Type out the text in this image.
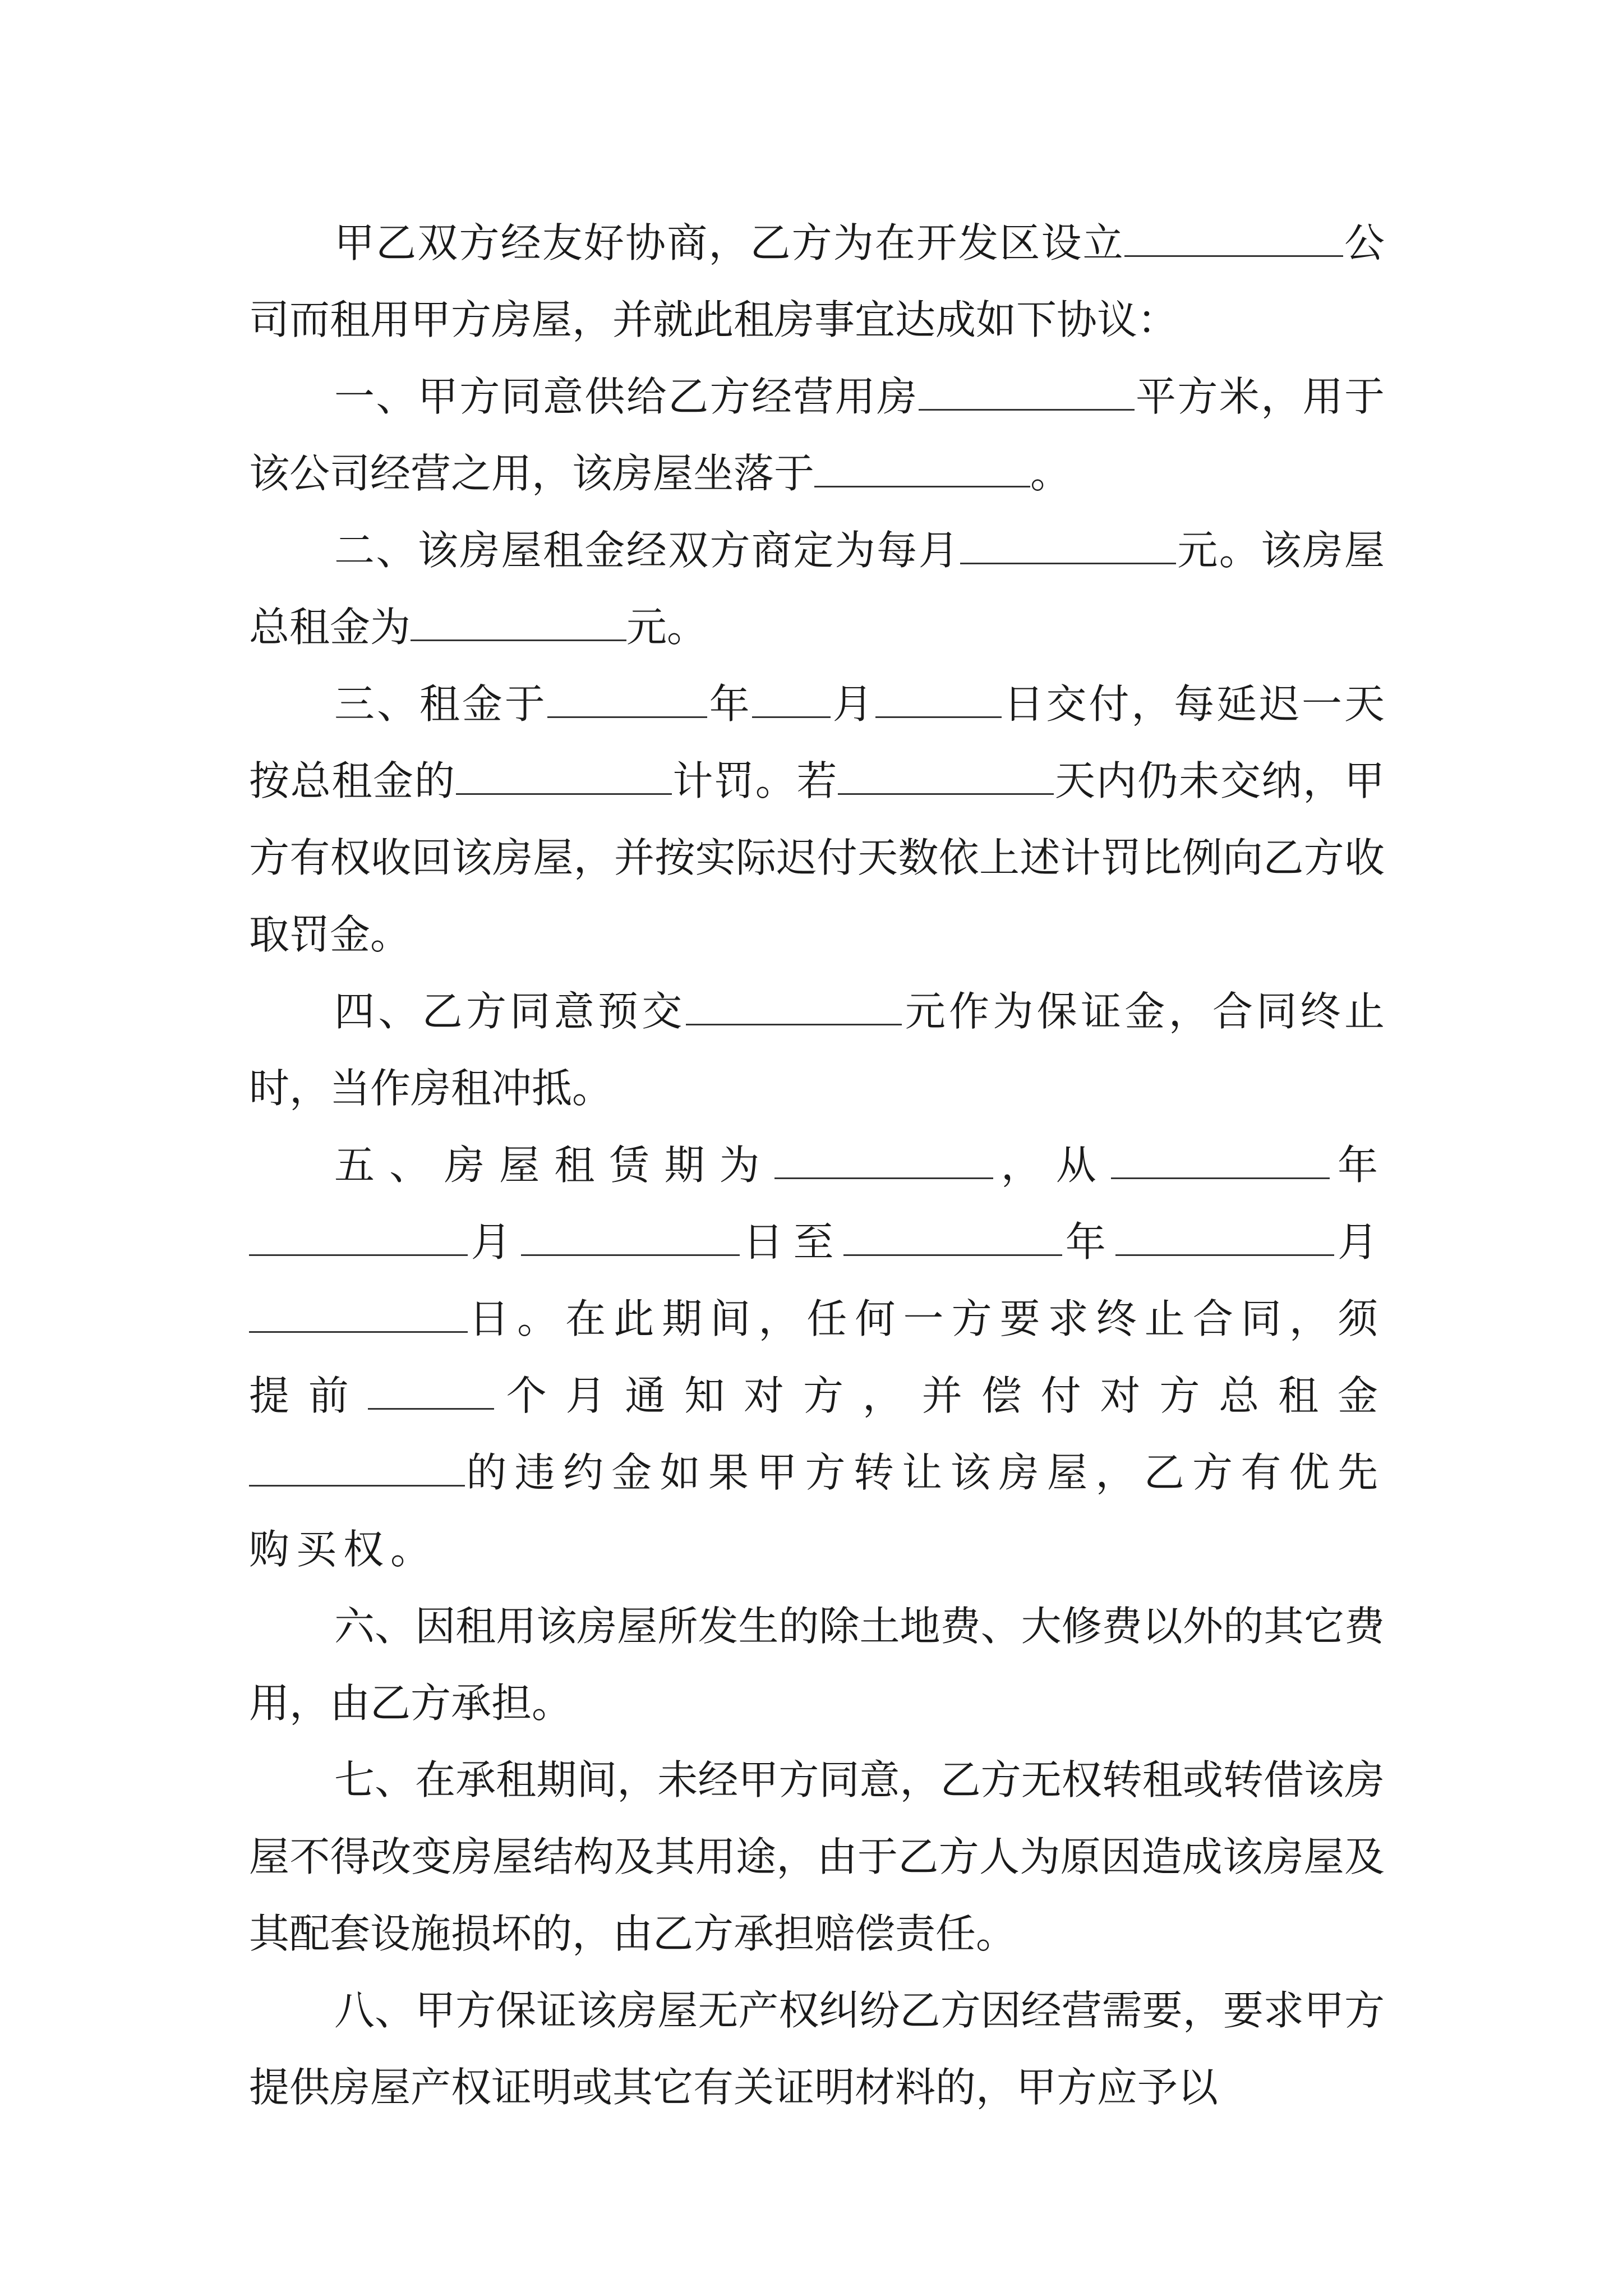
甲乙双方经友好协商，乙方为在开发区设立	公司而租用甲方房屋，并就此租房事宜达成如下协议：

一、甲方同意供给乙方经营用房	平方米，用于该公司经营之用，该房屋坐落于	。

二、该房屋租金经双方商定为每月	元。该房屋总租金为	元。

三、租金于	年 月	日交付，每延迟一天按总租金的	计罚。若	天内仍未交纳，甲方有权收回该房屋，并按实际迟付天数依上述计罚比例向乙方收取罚金。

四、乙方同意预交	元作为保证金，合同终止时，当作房租冲抵。

五、房屋租赁期为	，从	年月	日至	年	月日。在此期间，任何一方要求终止合同，须提前	个月通知对方，并偿付对方总租金的违约金如果甲方转让该房屋，乙方有优先购买权。

六、因租用该房屋所发生的除土地费、大修费以外的其它费用，由乙方承担。

七、在承租期间，未经甲方同意，乙方无权转租或转借该房屋不得改变房屋结构及其用途，由于乙方人为原因造成该房屋及其配套设施损坏的，由乙方承担赔偿责任。

八、甲方保证该房屋无产权纠纷乙方因经营需要，要求甲方提供房屋产权证明或其它有关证明材料的，甲方应予以
